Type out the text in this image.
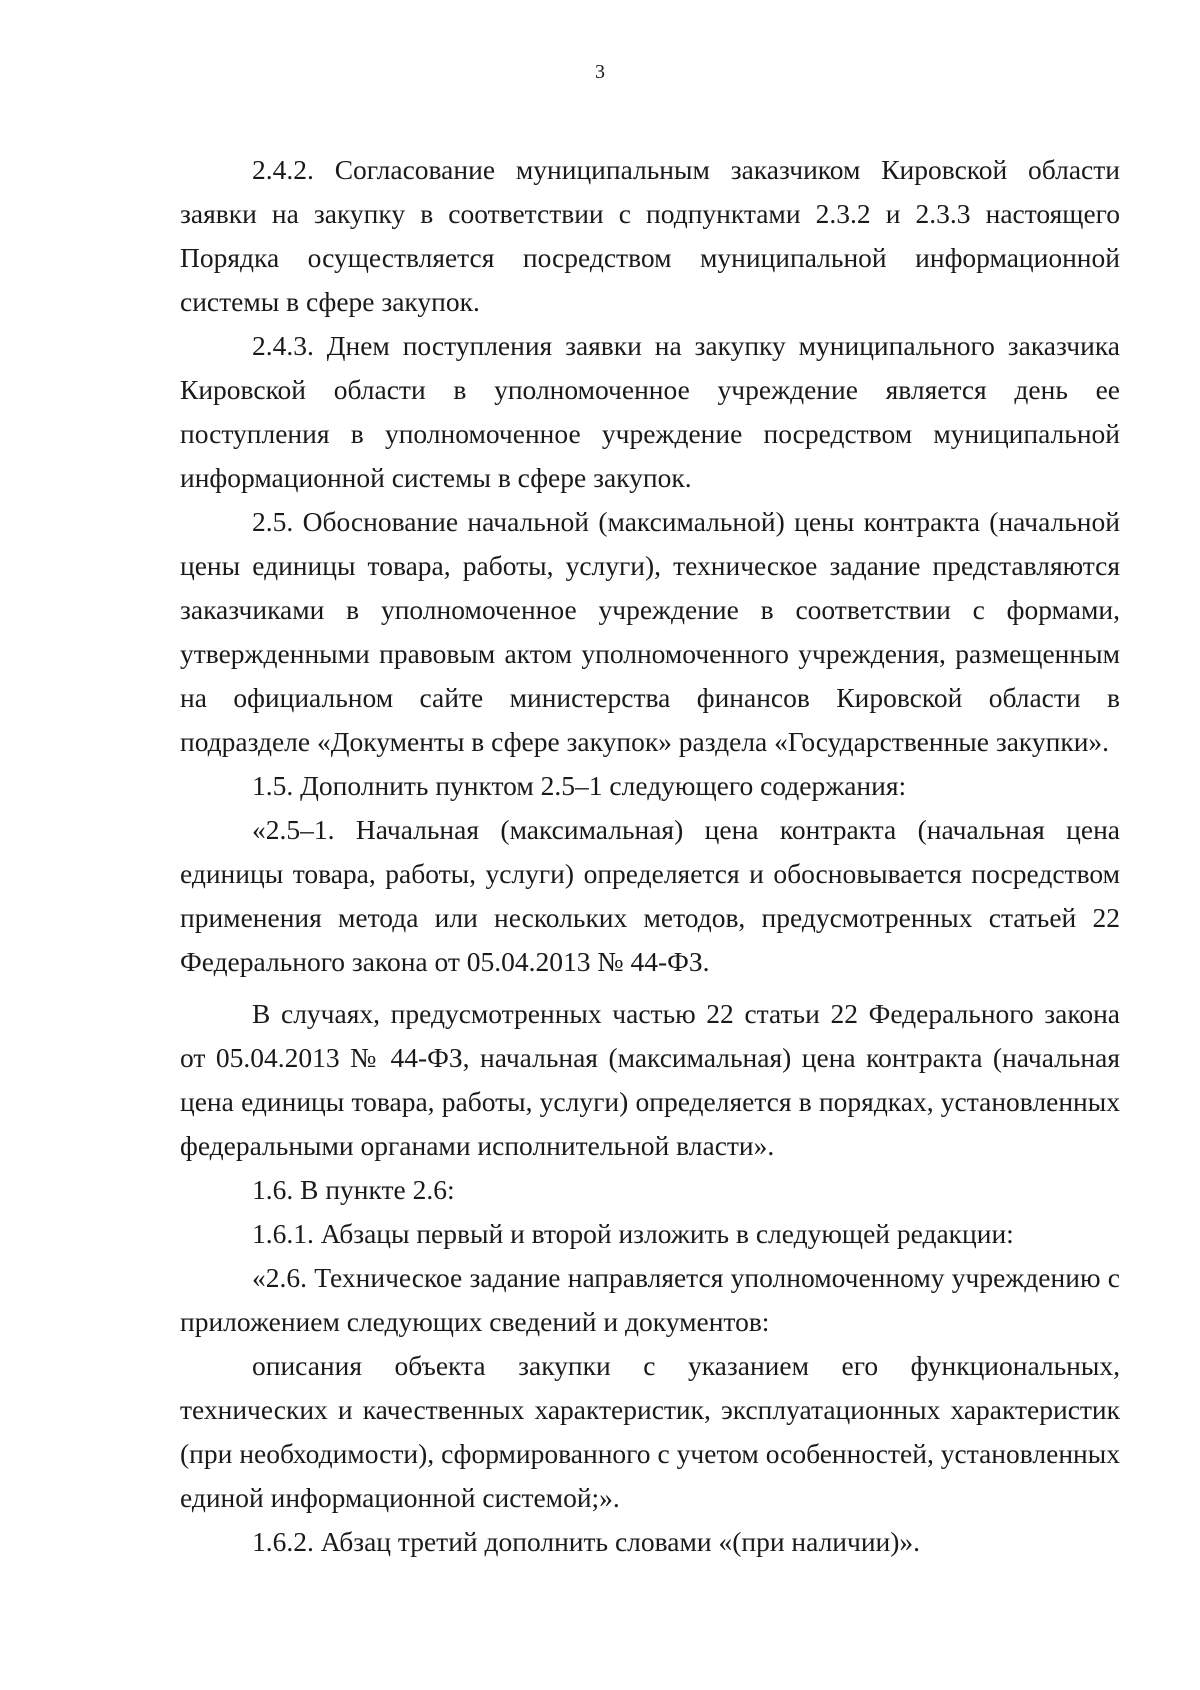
3

2.4.2. Согласование муниципальным заказчиком Кировской области заявки на закупку в соответствии с подпунктами 2.3.2 и 2.3.3 настоящего Порядка осуществляется посредством муниципальной информационной системы в сфере закупок.

2.4.3. Днем поступления заявки на закупку муниципального заказчика Кировской области в уполномоченное учреждение является день ее поступления в уполномоченное учреждение посредством муниципальной информационной системы в сфере закупок.

2.5. Обоснование начальной (максимальной) цены контракта (начальной цены единицы товара, работы, услуги), техническое задание представляются заказчиками в уполномоченное учреждение в соответствии с формами, утвержденными правовым актом уполномоченного учреждения, размещенным на официальном сайте министерства финансов Кировской области в подразделе «Документы в сфере закупок» раздела «Государственные закупки».

1.5. Дополнить пунктом 2.5–1 следующего содержания:

«2.5–1. Начальная (максимальная) цена контракта (начальная цена единицы товара, работы, услуги) определяется и обосновывается посредством применения метода или нескольких методов, предусмотренных статьей 22 Федерального закона от 05.04.2013 № 44-ФЗ.

В случаях, предусмотренных частью 22 статьи 22 Федерального закона от 05.04.2013 № 44-ФЗ, начальная (максимальная) цена контракта (начальная цена единицы товара, работы, услуги) определяется в порядках, установленных федеральными органами исполнительной власти».

1.6. В пункте 2.6:

1.6.1. Абзацы первый и второй изложить в следующей редакции:

«2.6. Техническое задание направляется уполномоченному учреждению с приложением следующих сведений и документов:

описания объекта закупки с указанием его функциональных, технических и качественных характеристик, эксплуатационных характеристик (при необходимости), сформированного с учетом особенностей, установленных единой информационной системой;».

1.6.2. Абзац третий дополнить словами «(при наличии)».
